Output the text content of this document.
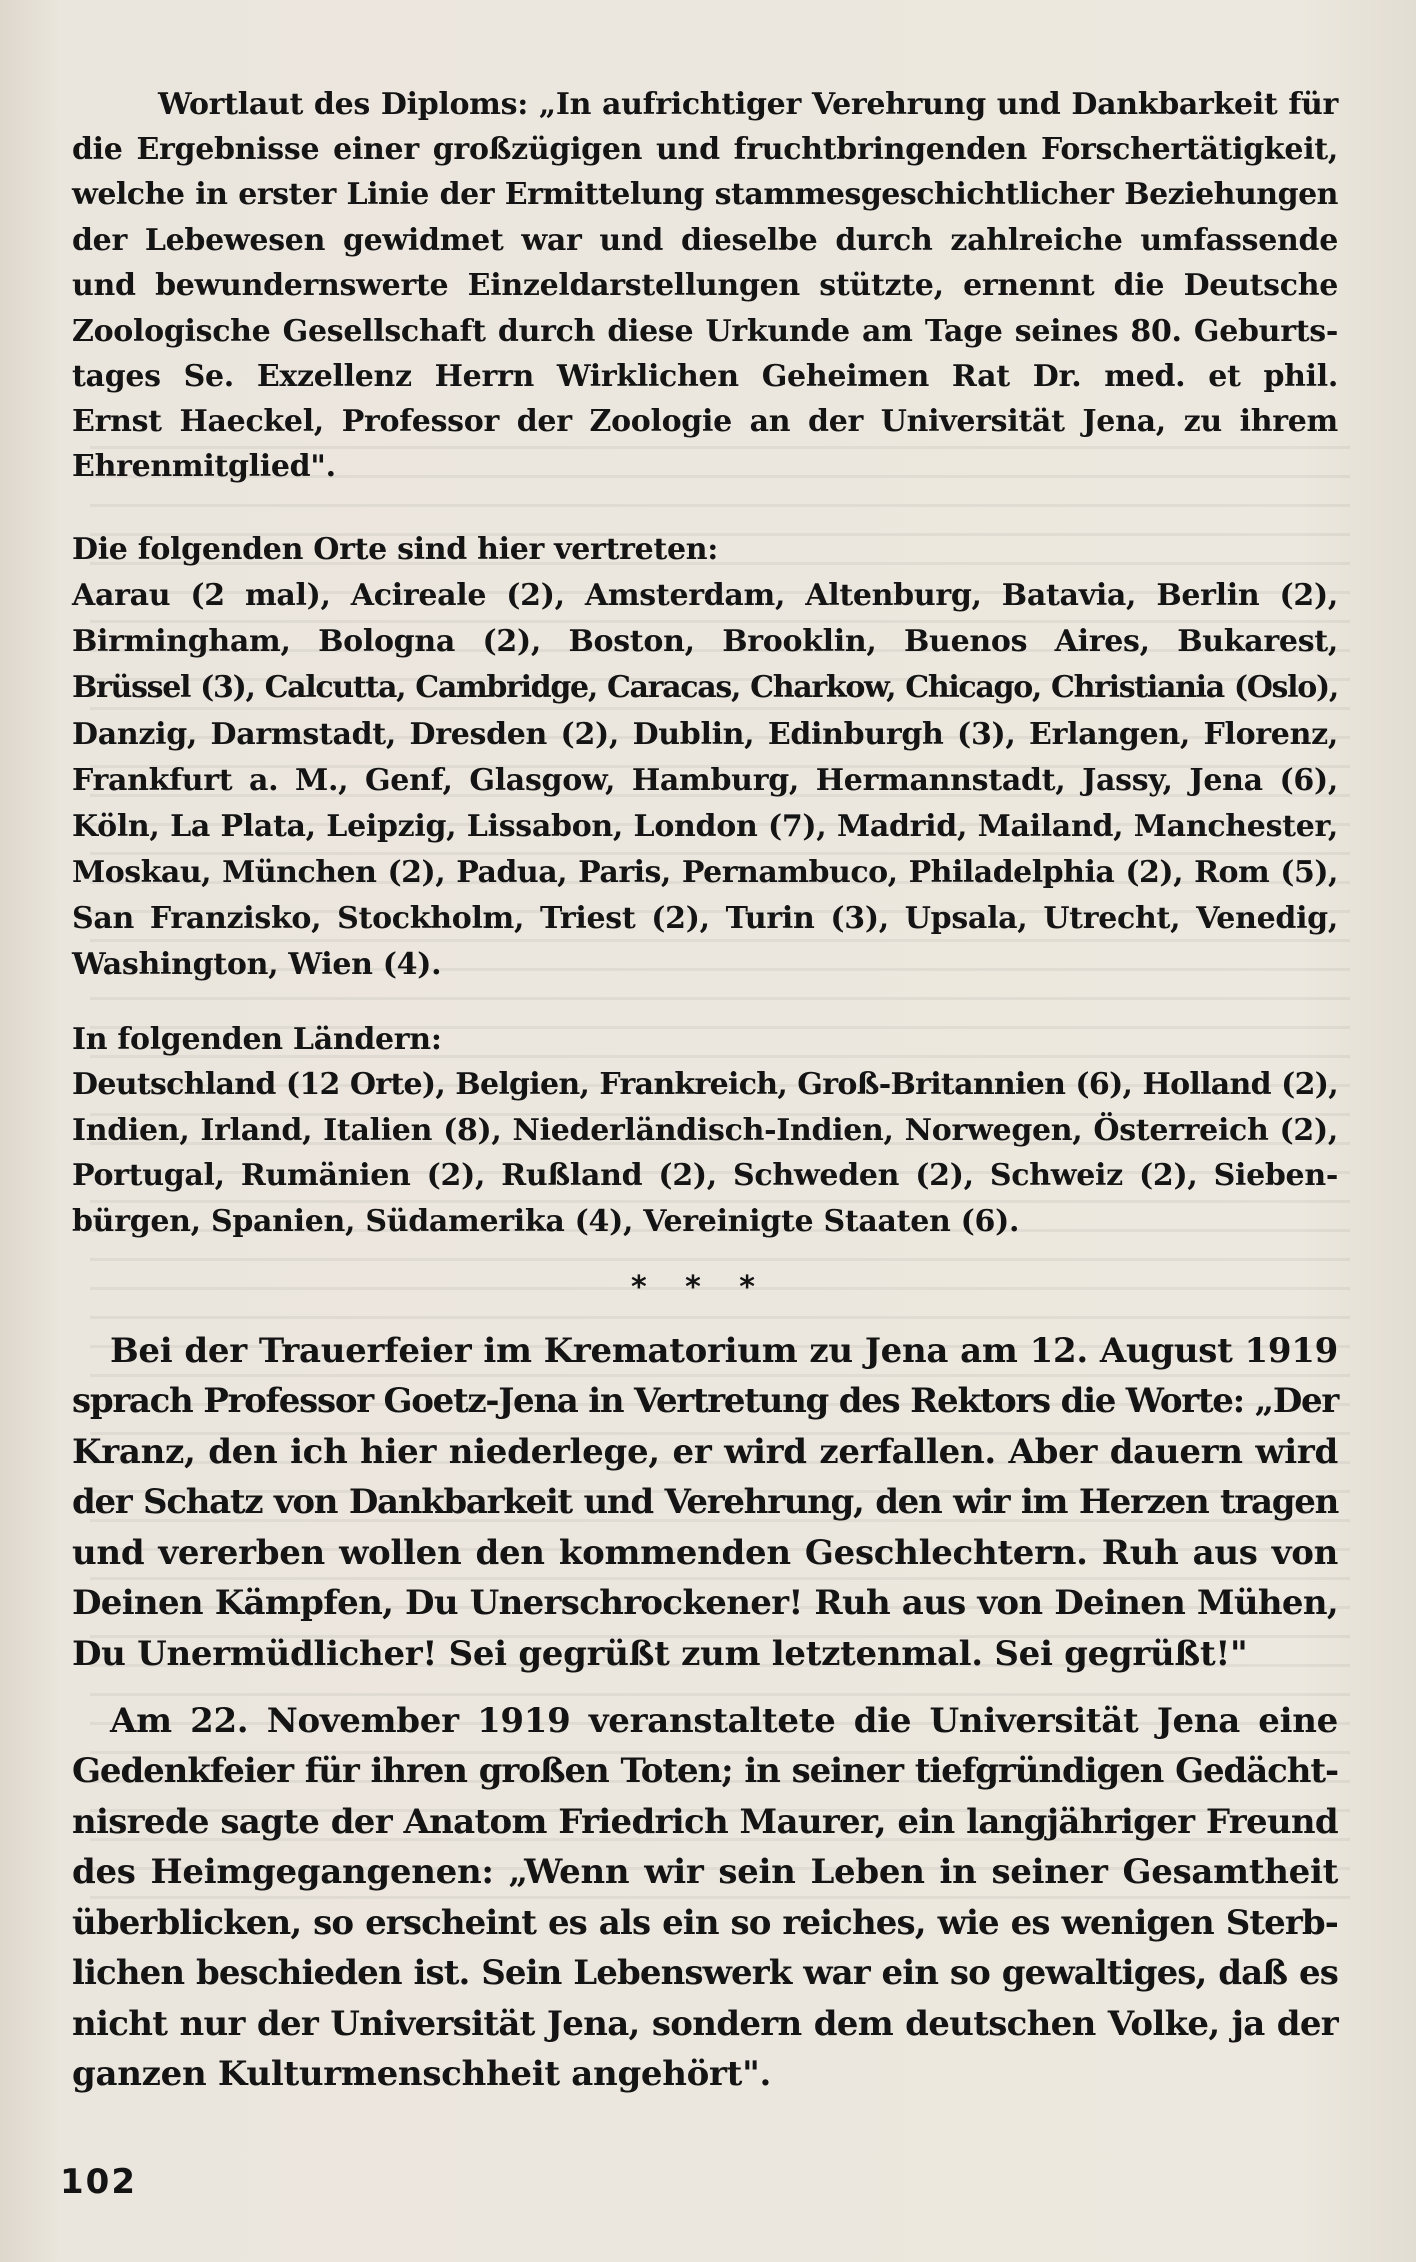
Wortlaut des Diploms: „In aufrichtiger Verehrung und Dankbarkeit für

die Ergebnisse einer großzügigen und fruchtbringenden Forschertätigkeit,

welche in erster Linie der Ermittelung stammesgeschichtlicher Beziehungen

der Lebewesen gewidmet war und dieselbe durch zahlreiche umfassende

und bewundernswerte Einzeldarstellungen stützte, ernennt die Deutsche

Zoologische Gesellschaft durch diese Urkunde am Tage seines 80. Geburts-

tages Se. Exzellenz Herrn Wirklichen Geheimen Rat Dr. med. et phil.

Ernst Haeckel, Professor der Zoologie an der Universität Jena, zu ihrem

Ehrenmitglied".

Die folgenden Orte sind hier vertreten:

Aarau (2 mal), Acireale (2), Amsterdam, Altenburg, Batavia, Berlin (2),

Birmingham, Bologna (2), Boston, Brooklin, Buenos Aires, Bukarest,

Brüssel (3), Calcutta, Cambridge, Caracas, Charkow, Chicago, Christiania (Oslo),

Danzig, Darmstadt, Dresden (2), Dublin, Edinburgh (3), Erlangen, Florenz,

Frankfurt a. M., Genf, Glasgow, Hamburg, Hermannstadt, Jassy, Jena (6),

Köln, La Plata, Leipzig, Lissabon, London (7), Madrid, Mailand, Manchester,

Moskau, München (2), Padua, Paris, Pernambuco, Philadelphia (2), Rom (5),

San Franzisko, Stockholm, Triest (2), Turin (3), Upsala, Utrecht, Venedig,

Washington, Wien (4).

In folgenden Ländern:

Deutschland (12 Orte), Belgien, Frankreich, Groß-Britannien (6), Holland (2),

Indien, Irland, Italien (8), Niederländisch-Indien, Norwegen, Österreich (2),

Portugal, Rumänien (2), Rußland (2), Schweden (2), Schweiz (2), Sieben-

bürgen, Spanien, Südamerika (4), Vereinigte Staaten (6).

* * *

Bei der Trauerfeier im Krematorium zu Jena am 12. August 1919

sprach Professor Goetz-Jena in Vertretung des Rektors die Worte: „Der

Kranz, den ich hier niederlege, er wird zerfallen. Aber dauern wird

der Schatz von Dankbarkeit und Verehrung, den wir im Herzen tragen

und vererben wollen den kommenden Geschlechtern. Ruh aus von

Deinen Kämpfen, Du Unerschrockener! Ruh aus von Deinen Mühen,

Du Unermüdlicher! Sei gegrüßt zum letztenmal. Sei gegrüßt!"

Am 22. November 1919 veranstaltete die Universität Jena eine

Gedenkfeier für ihren großen Toten; in seiner tiefgründigen Gedächt-

nisrede sagte der Anatom Friedrich Maurer, ein langjähriger Freund

des Heimgegangenen: „Wenn wir sein Leben in seiner Gesamtheit

überblicken, so erscheint es als ein so reiches, wie es wenigen Sterb-

lichen beschieden ist. Sein Lebenswerk war ein so gewaltiges, daß es

nicht nur der Universität Jena, sondern dem deutschen Volke, ja der

ganzen Kulturmenschheit angehört".

102
